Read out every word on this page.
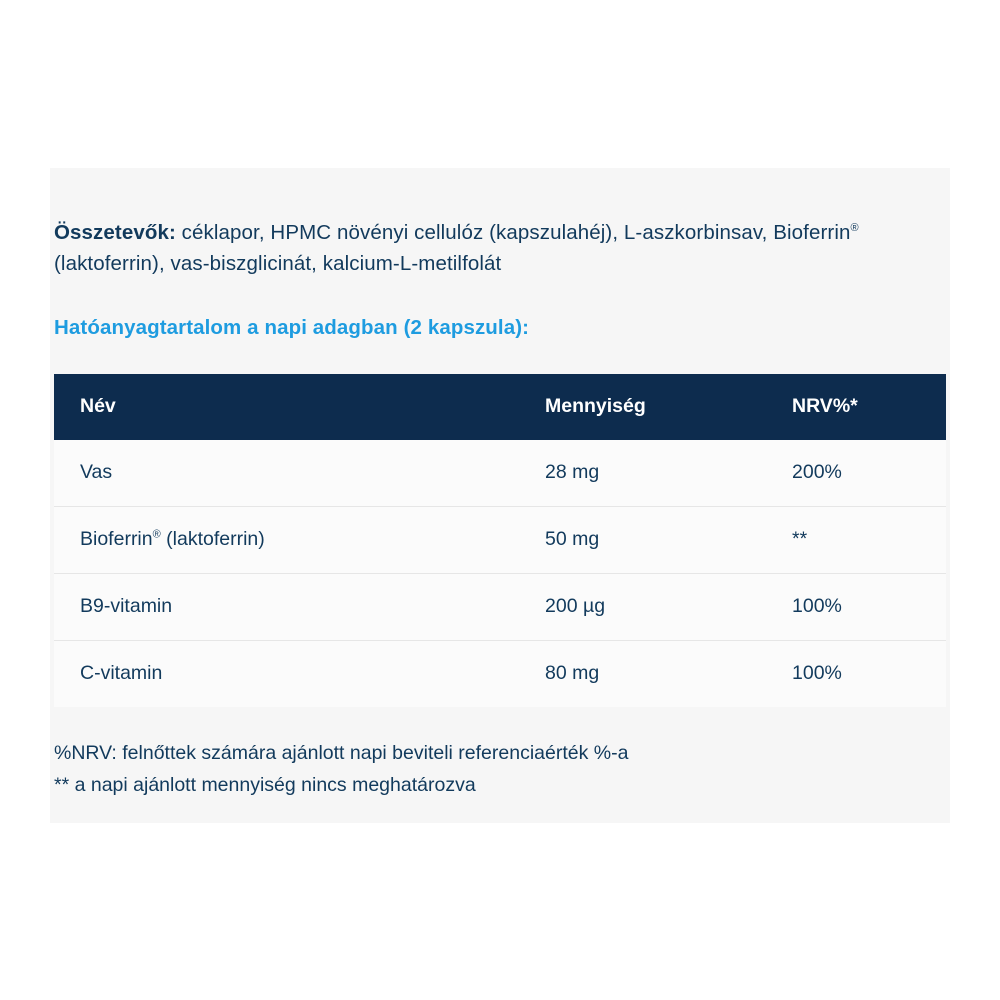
Összetevők: céklapor, HPMC növényi cellulóz (kapszulahéj), L-aszkorbinsav, Bioferrin® (laktoferrin), vas-biszglicinát, kalcium-L-metilfolát

Hatóanyagtartalom a napi adagban (2 kapszula):

Név	Mennyiség	NRV%*
Vas	28 mg	200%
Bioferrin® (laktoferrin)	50 mg	**
B9-vitamin	200 µg	100%
C-vitamin	80 mg	100%
%NRV: felnőttek számára ajánlott napi beviteli referenciaérték %-a
** a napi ajánlott mennyiség nincs meghatározva
